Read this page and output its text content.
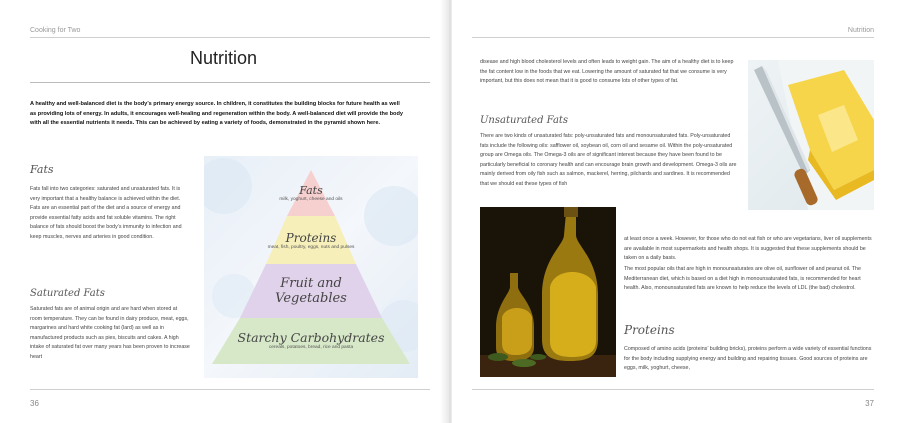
Cooking for Two
Nutrition
A healthy and well-balanced diet is the body’s primary energy source. In children, it constitutes the building blocks for future health as well as providing lots of energy. In adults, it encourages well-healing and regeneration within the body. A well-balanced diet will provide the body with all the essential nutrients it needs. This can be achieved by eating a variety of foods, demonstrated in the pyramid shown here.
Fats
Fats fall into two categories: saturated and unsaturated fats. It is very important that a healthy balance is achieved within the diet. Fats are an essential part of the diet and a source of energy and provide essential fatty acids and fat soluble vitamins. The right balance of fats should boost the body’s immunity to infection and keep muscles, nerves and arteries in good condition.
Saturated Fats
Saturated fats are of animal origin and are hard when stored at room temperature. They can be found in dairy produce, meat, eggs, margarines and hard white cooking fat (lard) as well as in manufactured products such as pies, biscuits and cakes. A high intake of saturated fat over many years has been proven to increase heart
Fats
milk, yoghurt, cheese and oils
Proteins
meat, fish, poultry, eggs, nuts and pulses
Fruit and
Vegetables
Starchy Carbohydrates
cereals, potatoes, bread, rice and pasta
36
Nutrition
disease and high blood cholesterol levels and often leads to weight gain. The aim of a healthy diet is to keep the fat content low in the foods that we eat. Lowering the amount of saturated fat that we consume is very important, but this does not mean that it is good to consume lots of other types of fat.
Unsaturated Fats
There are two kinds of unsaturated fats: poly-unsaturated fats and monounsaturated fats. Poly-unsaturated fats include the following oils: safflower oil, soybean oil, corn oil and sesame oil. Within the poly-unsaturated group are Omega oils. The Omega-3 oils are of significant interest because they have been found to be particularly beneficial to coronary health and can encourage brain growth and development. Omega-3 oils are mainly derived from oily fish such as salmon, mackerel, herring, pilchards and sardines. It is recommended that we should eat these types of fish
at least once a week. However, for those who do not eat fish or who are vegetarians, liver oil supplements are available in most supermarkets and health shops. It is suggested that these supplements should be taken on a daily basis.
The most popular oils that are high in monounsaturates are olive oil, sunflower oil and peanut oil. The Mediterranean diet, which is based on a diet high in monounsaturated fats, is recommended for heart health. Also, monounsaturated fats are known to help reduce the levels of LDL (the bad) cholestrol.
Proteins
Composed of amino acids (proteins’ building bricks), proteins perform a wide variety of essential functions for the body including supplying energy and building and repairing tissues. Good sources of proteins are eggs, milk, yoghurt, cheese,
37
